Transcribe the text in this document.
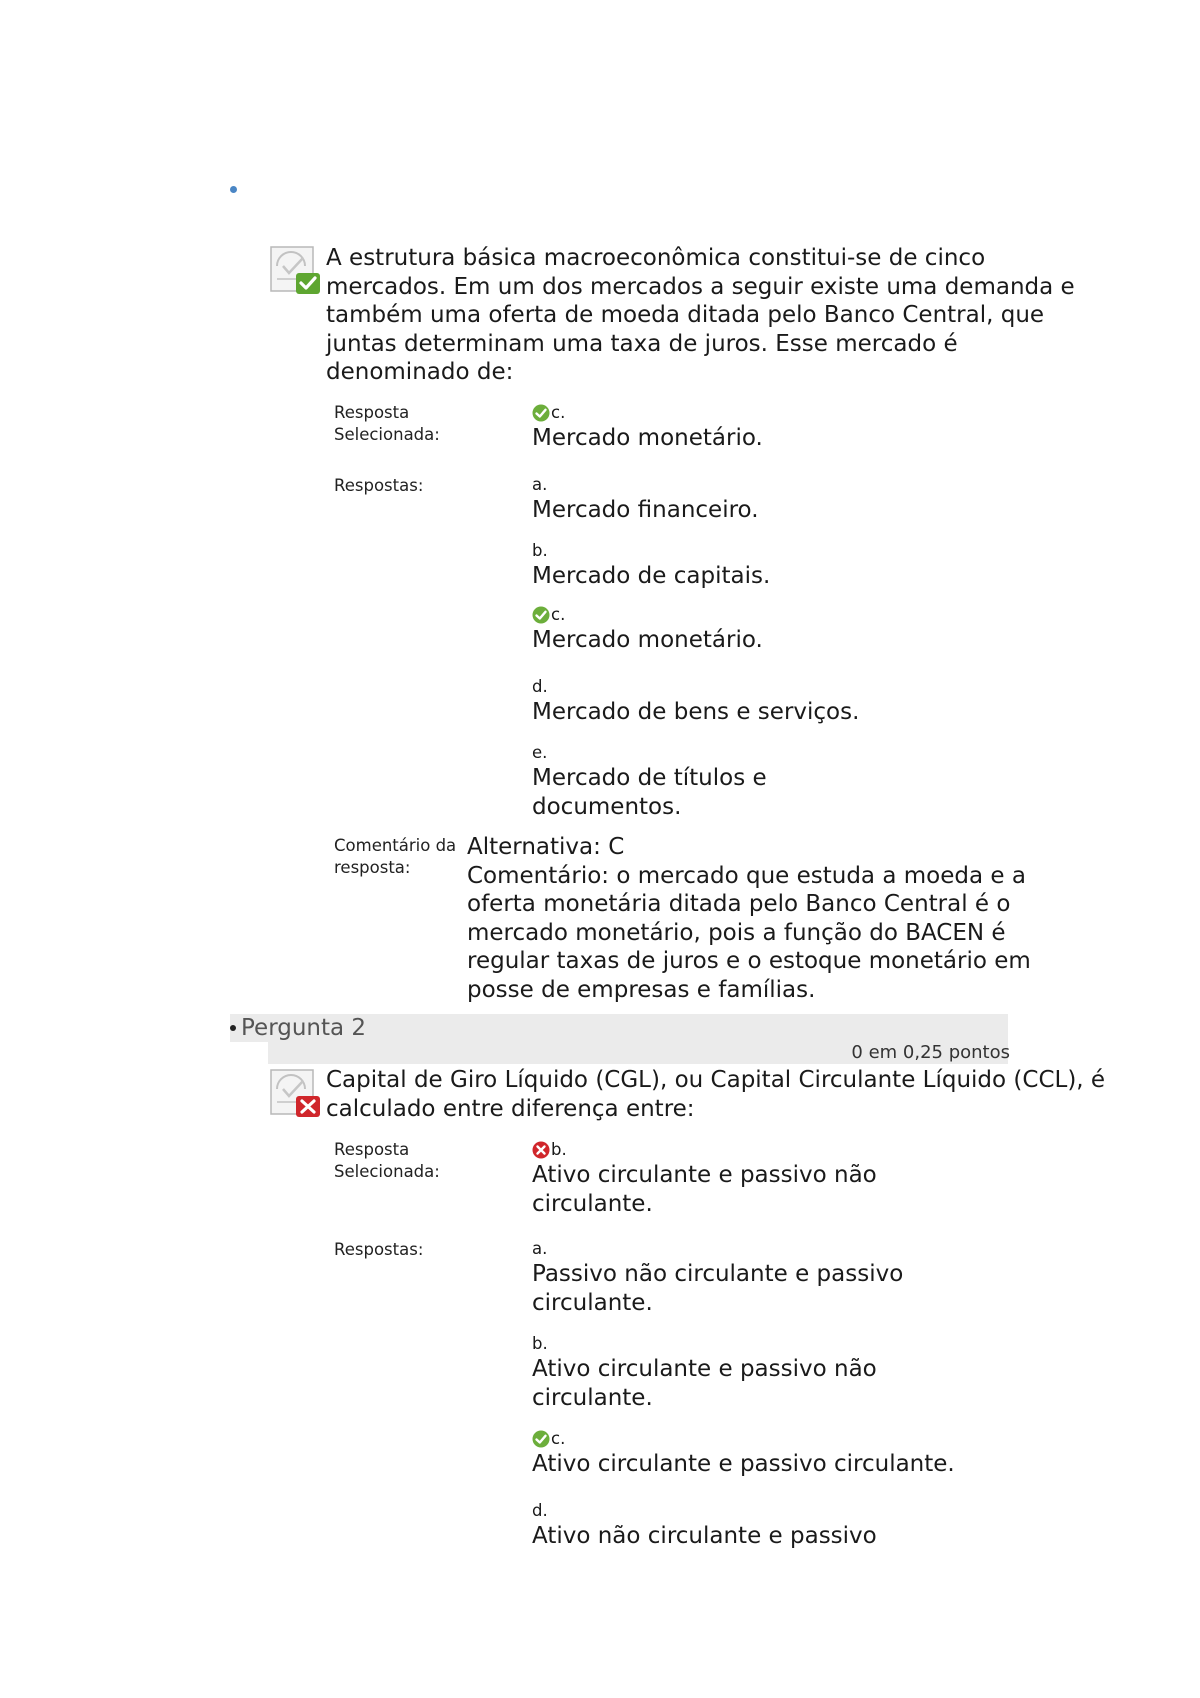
A estrutura básica macroeconômica constitui-se de cinco mercados. Em um dos mercados a seguir existe uma demanda e também uma oferta de moeda ditada pelo Banco Central, que juntas determinam uma taxa de juros. Esse mercado é denominado de:

Resposta Selecionada:
c.
Mercado monetário.
Respostas:	a.
Mercado financeiro.
b.
Mercado de capitais.
c.
Mercado monetário.
d.
Mercado de bens e serviços.
e.
Mercado de títulos e documentos.
Comentário da resposta:
Alternativa: C
Comentário: o mercado que estuda a moeda e a oferta monetária ditada pelo Banco Central é o mercado monetário, pois a função do BACEN é regular taxas de juros e o estoque monetário em posse de empresas e famílias.
Pergunta 2
0 em 0,25 pontos

Capital de Giro Líquido (CGL), ou Capital Circulante Líquido (CCL), é calculado entre diferença entre:

Resposta Selecionada:
b.
Ativo circulante e passivo não circulante.
Respostas:	a.
Passivo não circulante e passivo circulante.
b.
Ativo circulante e passivo não circulante.
c.
Ativo circulante e passivo circulante.
d.
Ativo não circulante e passivo
